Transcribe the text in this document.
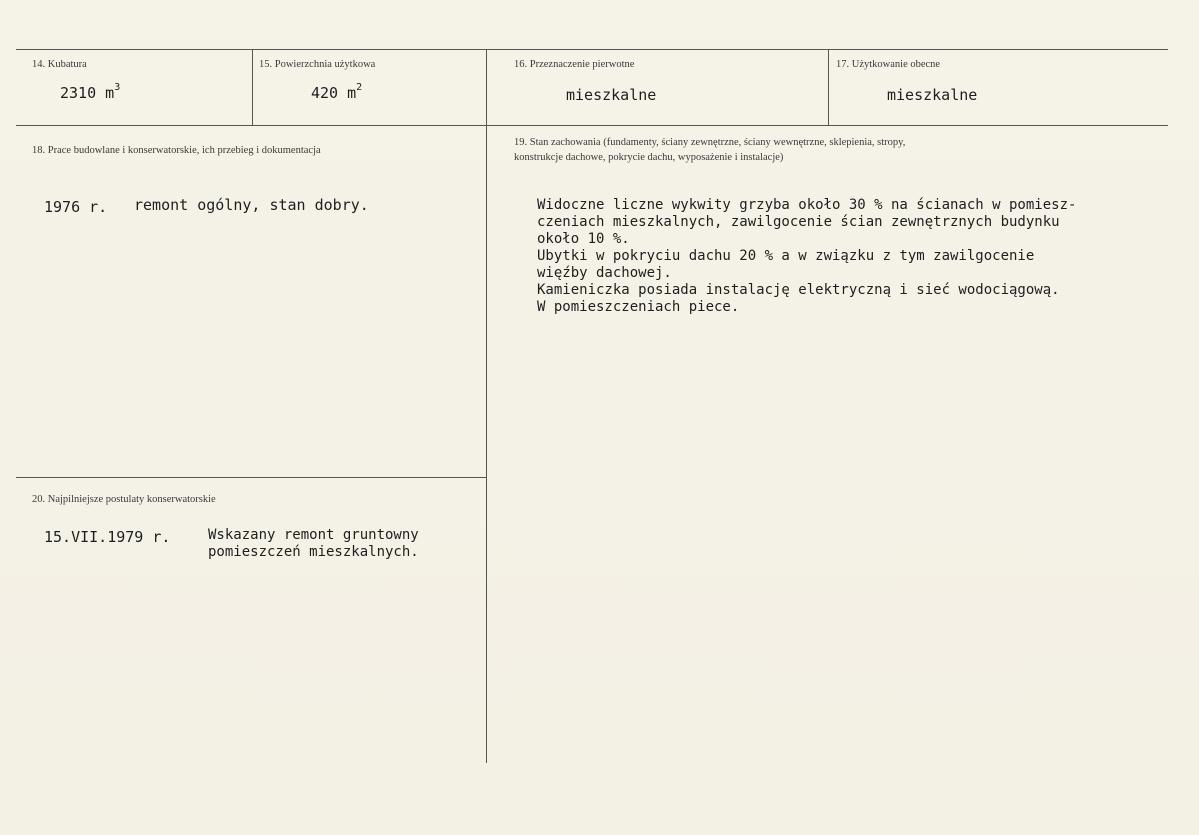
14. Kubatura
2310 $m^3$
15. Powierzchnia użytkowa
420 $m^2$
16. Przeznaczenie pierwotne
mieszkalne
17. Użytkowanie obecne
mieszkalne
18. Prace budowlane i konserwatorskie, ich przebieg i dokumentacja
1976 r. remont ogólny, stan dobry.
19. Stan zachowania (fundamenty, ściany zewnętrzne, ściany wewnętrzne, sklepienia, stropy,
konstrukcje dachowe, pokrycie dachu, wyposażenie i instalacje)
Widoczne liczne wykwity grzyba około 30 % na ścianach w pomiesz-
czeniach mieszkalnych, zawilgocenie ścian zewnętrznych budynku
około 10 %.
Ubytki w pokryciu dachu 20 % a w związku z tym zawilgocenie
więźby dachowej.
Kamieniczka posiada instalację elektryczną i sieć wodociągową.
W pomieszczeniach piece.
20. Najpilniejsze postulaty konserwatorskie
15.VII.1979 r.	Wskazany remont gruntowny
pomieszczeń mieszkalnych.
